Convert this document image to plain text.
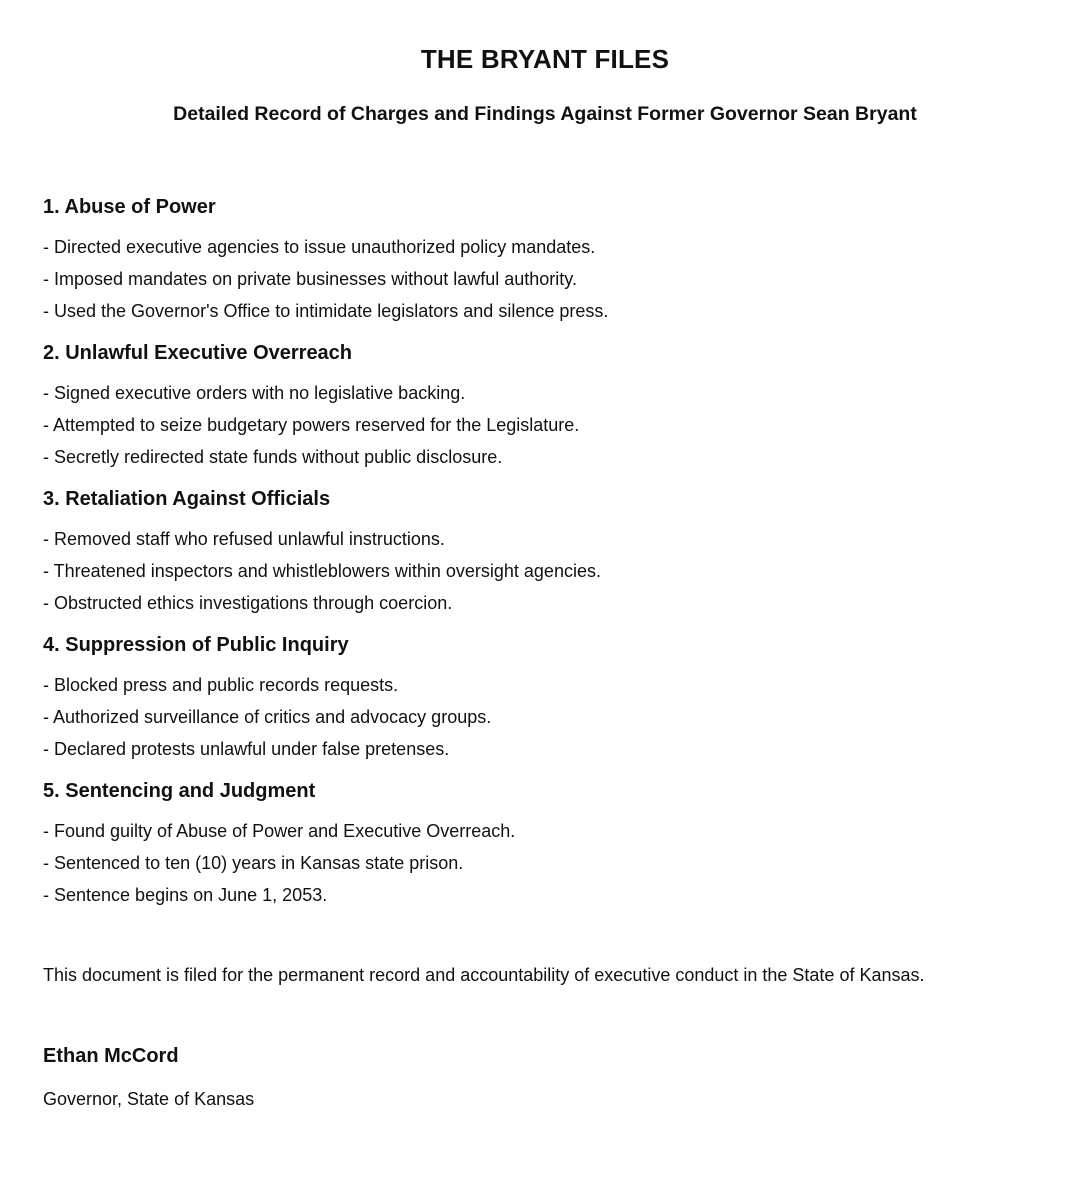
THE BRYANT FILES
Detailed Record of Charges and Findings Against Former Governor Sean Bryant
1. Abuse of Power

- Directed executive agencies to issue unauthorized policy mandates.

- Imposed mandates on private businesses without lawful authority.

- Used the Governor's Office to intimidate legislators and silence press.

2. Unlawful Executive Overreach

- Signed executive orders with no legislative backing.

- Attempted to seize budgetary powers reserved for the Legislature.

- Secretly redirected state funds without public disclosure.

3. Retaliation Against Officials

- Removed staff who refused unlawful instructions.

- Threatened inspectors and whistleblowers within oversight agencies.

- Obstructed ethics investigations through coercion.

4. Suppression of Public Inquiry

- Blocked press and public records requests.

- Authorized surveillance of critics and advocacy groups.

- Declared protests unlawful under false pretenses.

5. Sentencing and Judgment

- Found guilty of Abuse of Power and Executive Overreach.

- Sentenced to ten (10) years in Kansas state prison.

- Sentence begins on June 1, 2053.

This document is filed for the permanent record and accountability of executive conduct in the State of Kansas.

Ethan McCord

Governor, State of Kansas
